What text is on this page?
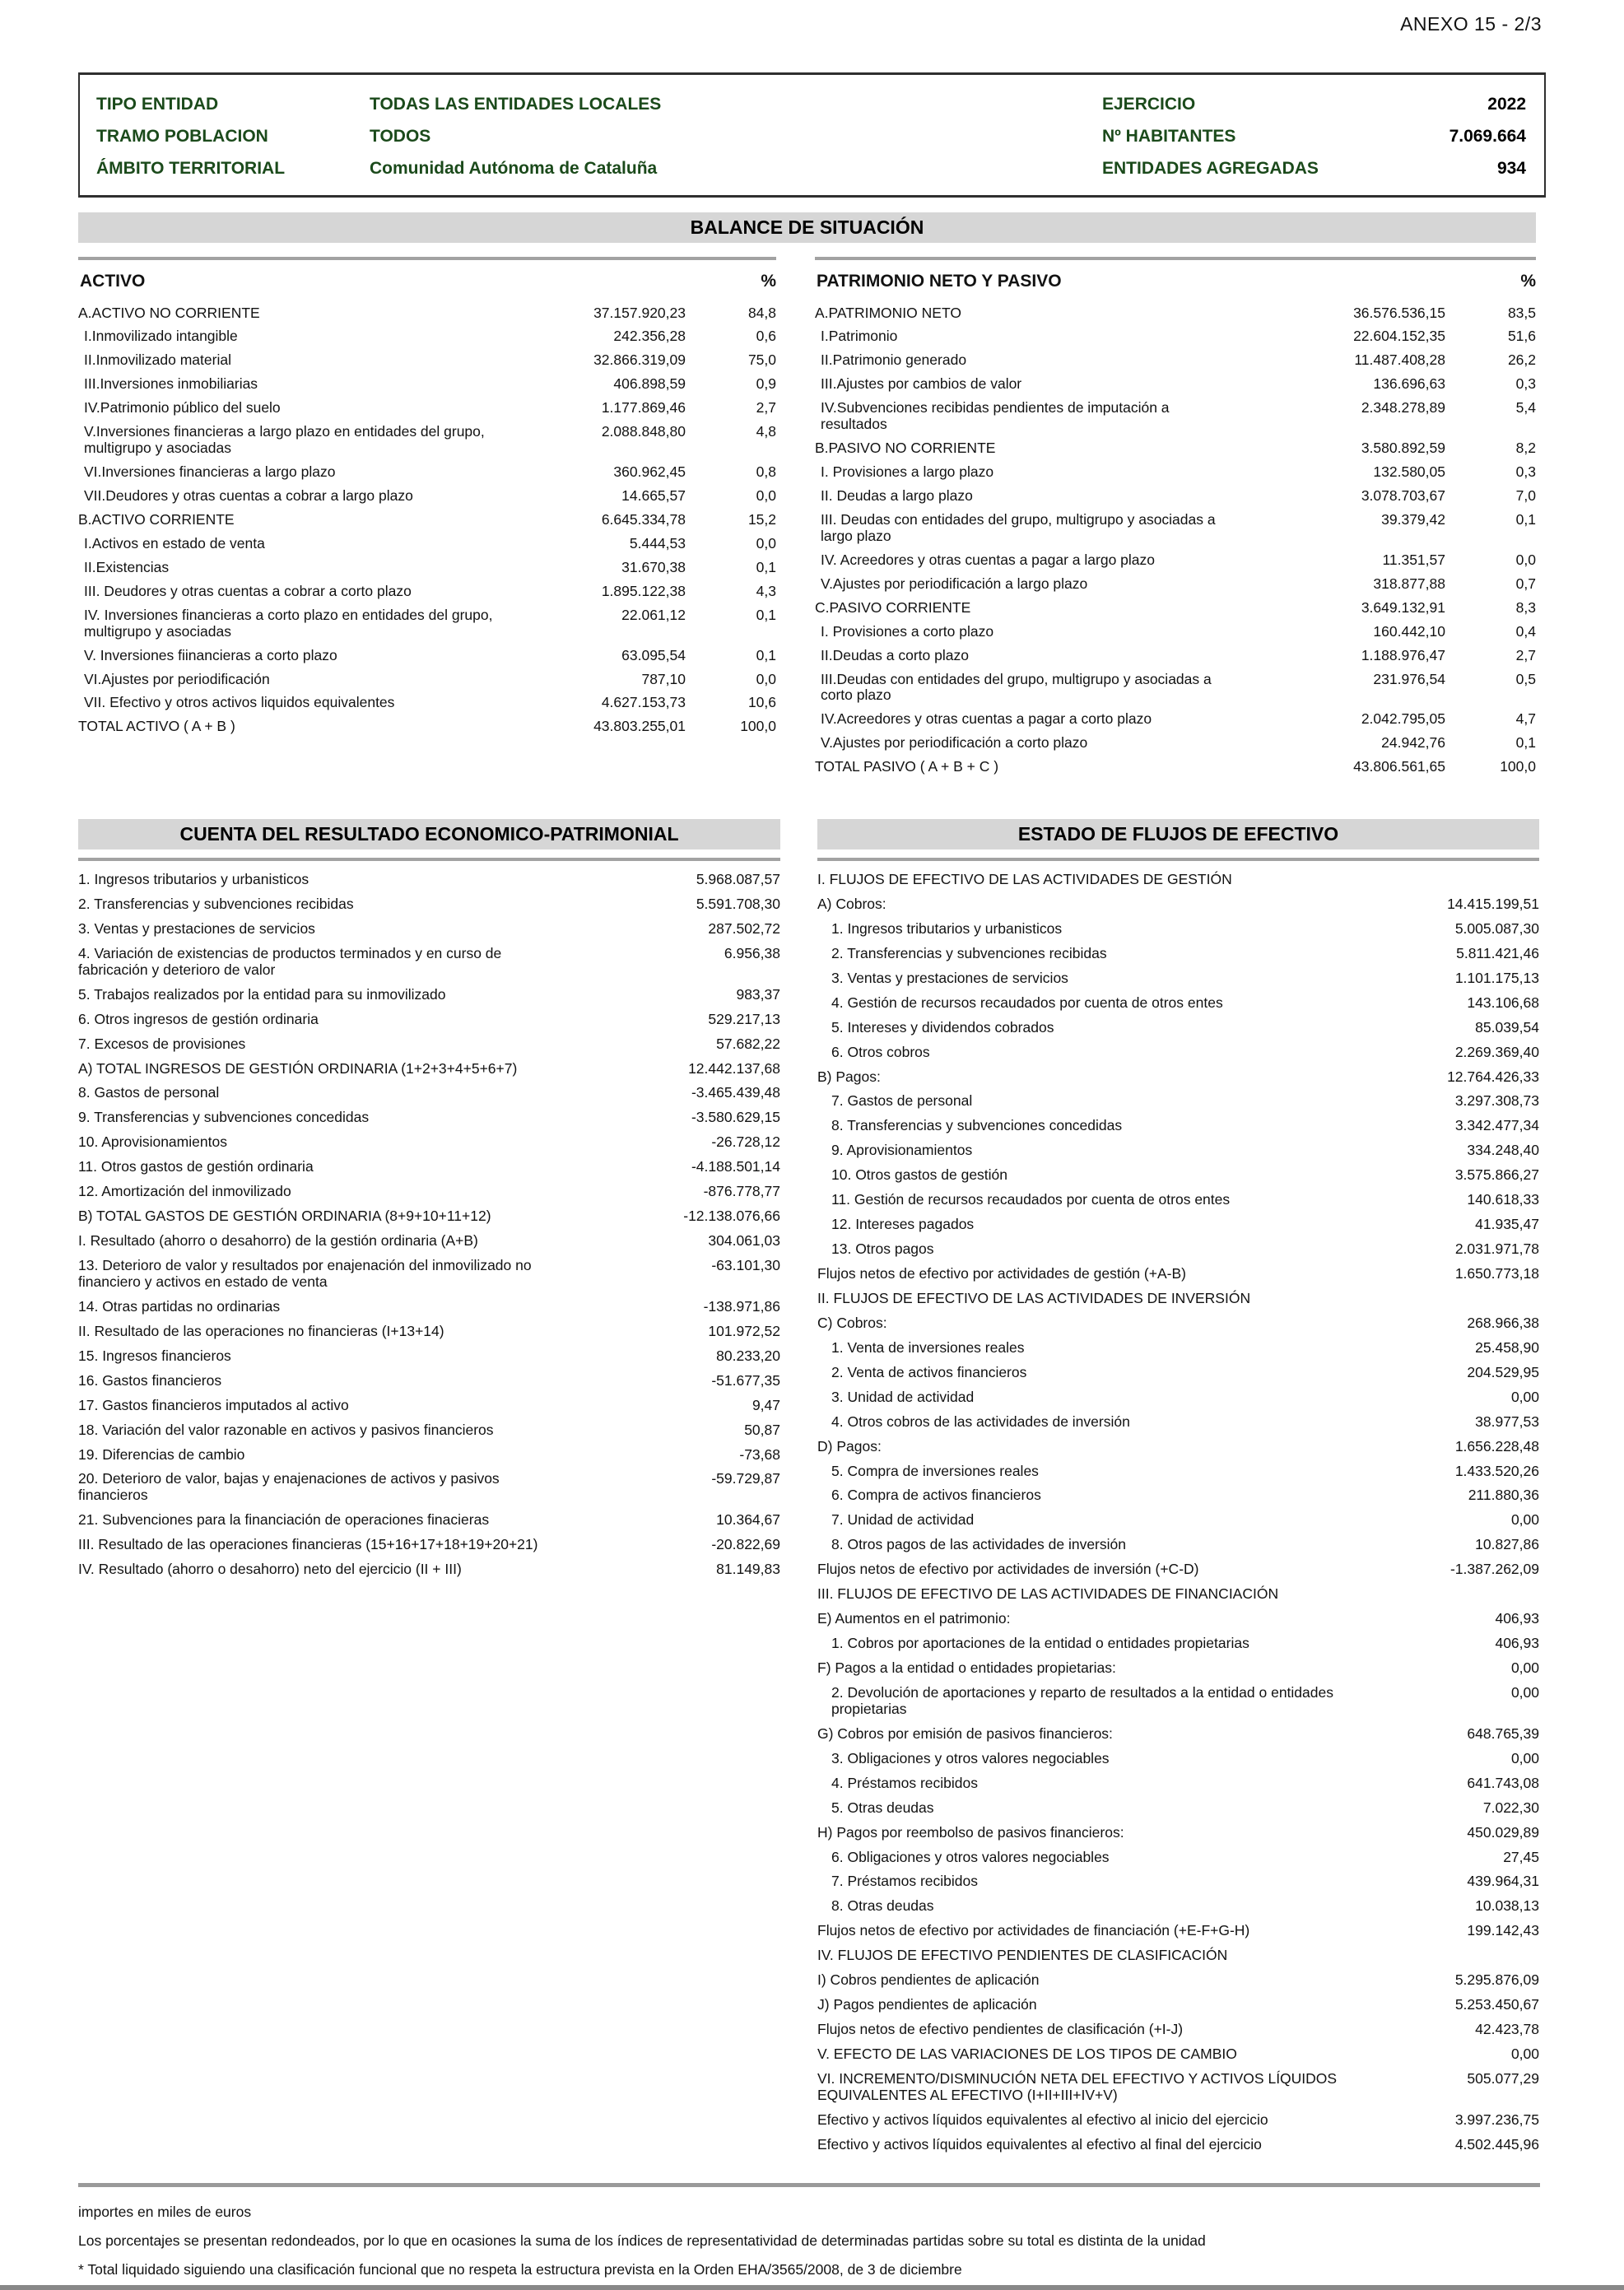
ANEXO 15 - 2/3
TIPO ENTIDAD	TODAS LAS ENTIDADES LOCALES	EJERCICIO	2022
TRAMO POBLACION	TODOS	Nº HABITANTES	7.069.664
ÁMBITO TERRITORIAL	Comunidad Autónoma de Cataluña	ENTIDADES AGREGADAS	934
BALANCE DE SITUACIÓN
ACTIVO	%
A.ACTIVO NO CORRIENTE	37.157.920,23	84,8
I.Inmovilizado intangible	242.356,28	0,6
II.Inmovilizado material	32.866.319,09	75,0
III.Inversiones inmobiliarias	406.898,59	0,9
IV.Patrimonio público del suelo	1.177.869,46	2,7
V.Inversiones financieras a largo plazo en entidades del grupo, multigrupo y asociadas
2.088.848,80	4,8
VI.Inversiones financieras a largo plazo	360.962,45	0,8
VII.Deudores y otras cuentas a cobrar a largo plazo	14.665,57	0,0
B.ACTIVO CORRIENTE	6.645.334,78	15,2
I.Activos en estado de venta	5.444,53	0,0
II.Existencias	31.670,38	0,1
III. Deudores y otras cuentas a cobrar a corto plazo	1.895.122,38	4,3
IV. Inversiones financieras a corto plazo en entidades del grupo, multigrupo y asociadas
22.061,12	0,1
V. Inversiones fiinancieras a corto plazo	63.095,54	0,1
VI.Ajustes por periodificación	787,10	0,0
VII. Efectivo y otros activos liquidos equivalentes	4.627.153,73	10,6
TOTAL ACTIVO ( A + B )	43.803.255,01	100,0
PATRIMONIO NETO Y PASIVO	%
A.PATRIMONIO NETO	36.576.536,15	83,5
I.Patrimonio	22.604.152,35	51,6
II.Patrimonio generado	11.487.408,28	26,2
III.Ajustes por cambios de valor	136.696,63	0,3
IV.Subvenciones recibidas pendientes de imputación a resultados
2.348.278,89	5,4
B.PASIVO NO CORRIENTE	3.580.892,59	8,2
I. Provisiones a largo plazo	132.580,05	0,3
II. Deudas a largo plazo	3.078.703,67	7,0
III. Deudas con entidades del grupo, multigrupo y asociadas a largo plazo
39.379,42	0,1
IV. Acreedores y otras cuentas a pagar a largo plazo	11.351,57	0,0
V.Ajustes por periodificación a largo plazo	318.877,88	0,7
C.PASIVO CORRIENTE	3.649.132,91	8,3
I. Provisiones a corto plazo	160.442,10	0,4
II.Deudas a corto plazo	1.188.976,47	2,7
III.Deudas con entidades del grupo, multigrupo y asociadas a corto plazo
231.976,54	0,5
IV.Acreedores y otras cuentas a pagar a corto plazo	2.042.795,05	4,7
V.Ajustes por periodificación a corto plazo	24.942,76	0,1
TOTAL PASIVO ( A + B + C )	43.806.561,65	100,0
CUENTA DEL RESULTADO ECONOMICO-PATRIMONIAL	ESTADO DE FLUJOS DE EFECTIVO
1. Ingresos tributarios y urbanisticos	5.968.087,57
2. Transferencias y subvenciones recibidas	5.591.708,30
3. Ventas y prestaciones de servicios	287.502,72
4. Variación de existencias de productos terminados y en curso de fabricación y deterioro de valor
6.956,38
5. Trabajos realizados por la entidad para su inmovilizado	983,37
6. Otros ingresos de gestión ordinaria	529.217,13
7. Excesos de provisiones	57.682,22
A) TOTAL INGRESOS DE GESTIÓN ORDINARIA (1+2+3+4+5+6+7)	12.442.137,68
8. Gastos de personal	-3.465.439,48
9. Transferencias y subvenciones concedidas	-3.580.629,15
10. Aprovisionamientos	-26.728,12
11. Otros gastos de gestión ordinaria	-4.188.501,14
12. Amortización del inmovilizado	-876.778,77
B) TOTAL GASTOS DE GESTIÓN ORDINARIA (8+9+10+11+12)	-12.138.076,66
I. Resultado (ahorro o desahorro) de la gestión ordinaria (A+B)	304.061,03
13. Deterioro de valor y resultados por enajenación del inmovilizado no financiero y activos en estado de venta
-63.101,30
14. Otras partidas no ordinarias	-138.971,86
II. Resultado de las operaciones no financieras (I+13+14)	101.972,52
15. Ingresos financieros	80.233,20
16. Gastos financieros	-51.677,35
17. Gastos financieros imputados al activo	9,47
18. Variación del valor razonable en activos y pasivos financieros	50,87
19. Diferencias de cambio	-73,68
20. Deterioro de valor, bajas y enajenaciones de activos y pasivos financieros
-59.729,87
21. Subvenciones para la financiación de operaciones finacieras	10.364,67
III. Resultado de las operaciones financieras (15+16+17+18+19+20+21)	-20.822,69
IV. Resultado (ahorro o desahorro) neto del ejercicio (II + III)	81.149,83
I. FLUJOS DE EFECTIVO DE LAS ACTIVIDADES DE GESTIÓN
A) Cobros:	14.415.199,51
1. Ingresos tributarios y urbanisticos	5.005.087,30
2. Transferencias y subvenciones recibidas	5.811.421,46
3. Ventas y prestaciones de servicios	1.101.175,13
4. Gestión de recursos recaudados por cuenta de otros entes	143.106,68
5. Intereses y dividendos cobrados	85.039,54
6. Otros cobros	2.269.369,40
B) Pagos:	12.764.426,33
7. Gastos de personal	3.297.308,73
8. Transferencias y subvenciones concedidas	3.342.477,34
9. Aprovisionamientos	334.248,40
10. Otros gastos de gestión	3.575.866,27
11. Gestión de recursos recaudados por cuenta de otros entes	140.618,33
12. Intereses pagados	41.935,47
13. Otros pagos	2.031.971,78
Flujos netos de efectivo por actividades de gestión (+A-B)	1.650.773,18
II. FLUJOS DE EFECTIVO DE LAS ACTIVIDADES DE INVERSIÓN
C) Cobros:	268.966,38
1. Venta de inversiones reales	25.458,90
2. Venta de activos financieros	204.529,95
3. Unidad de actividad	0,00
4. Otros cobros de las actividades de inversión	38.977,53
D) Pagos:	1.656.228,48
5. Compra de inversiones reales	1.433.520,26
6. Compra de activos financieros	211.880,36
7. Unidad de actividad	0,00
8. Otros pagos de las actividades de inversión	10.827,86
Flujos netos de efectivo por actividades de inversión (+C-D)	-1.387.262,09
III. FLUJOS DE EFECTIVO DE LAS ACTIVIDADES DE FINANCIACIÓN
E) Aumentos en el patrimonio:	406,93
1. Cobros por aportaciones de la entidad o entidades propietarias	406,93
F) Pagos a la entidad o entidades propietarias:	0,00
2. Devolución de aportaciones y reparto de resultados a la entidad o entidades propietarias
0,00
G) Cobros por emisión de pasivos financieros:	648.765,39
3. Obligaciones y otros valores negociables	0,00
4. Préstamos recibidos	641.743,08
5. Otras deudas	7.022,30
H) Pagos por reembolso de pasivos financieros:	450.029,89
6. Obligaciones y otros valores negociables	27,45
7. Préstamos recibidos	439.964,31
8. Otras deudas	10.038,13
Flujos netos de efectivo por actividades de financiación (+E-F+G-H)	199.142,43
IV. FLUJOS DE EFECTIVO PENDIENTES DE CLASIFICACIÓN
I) Cobros pendientes de aplicación	5.295.876,09
J) Pagos pendientes de aplicación	5.253.450,67
Flujos netos de efectivo pendientes de clasificación (+I-J)	42.423,78
V. EFECTO DE LAS VARIACIONES DE LOS TIPOS DE CAMBIO	0,00
VI. INCREMENTO/DISMINUCIÓN NETA DEL EFECTIVO Y ACTIVOS LÍQUIDOS EQUIVALENTES AL EFECTIVO (I+II+III+IV+V)
505.077,29
Efectivo y activos líquidos equivalentes al efectivo al inicio del ejercicio	3.997.236,75
Efectivo y activos líquidos equivalentes al efectivo al final del ejercicio	4.502.445,96
importes en miles de euros
Los porcentajes se presentan redondeados, por lo que en ocasiones la suma de los índices de representatividad de determinadas partidas sobre su total es distinta de la unidad
* Total liquidado siguiendo una clasificación funcional que no respeta la estructura prevista en la Orden EHA/3565/2008, de 3 de diciembre
